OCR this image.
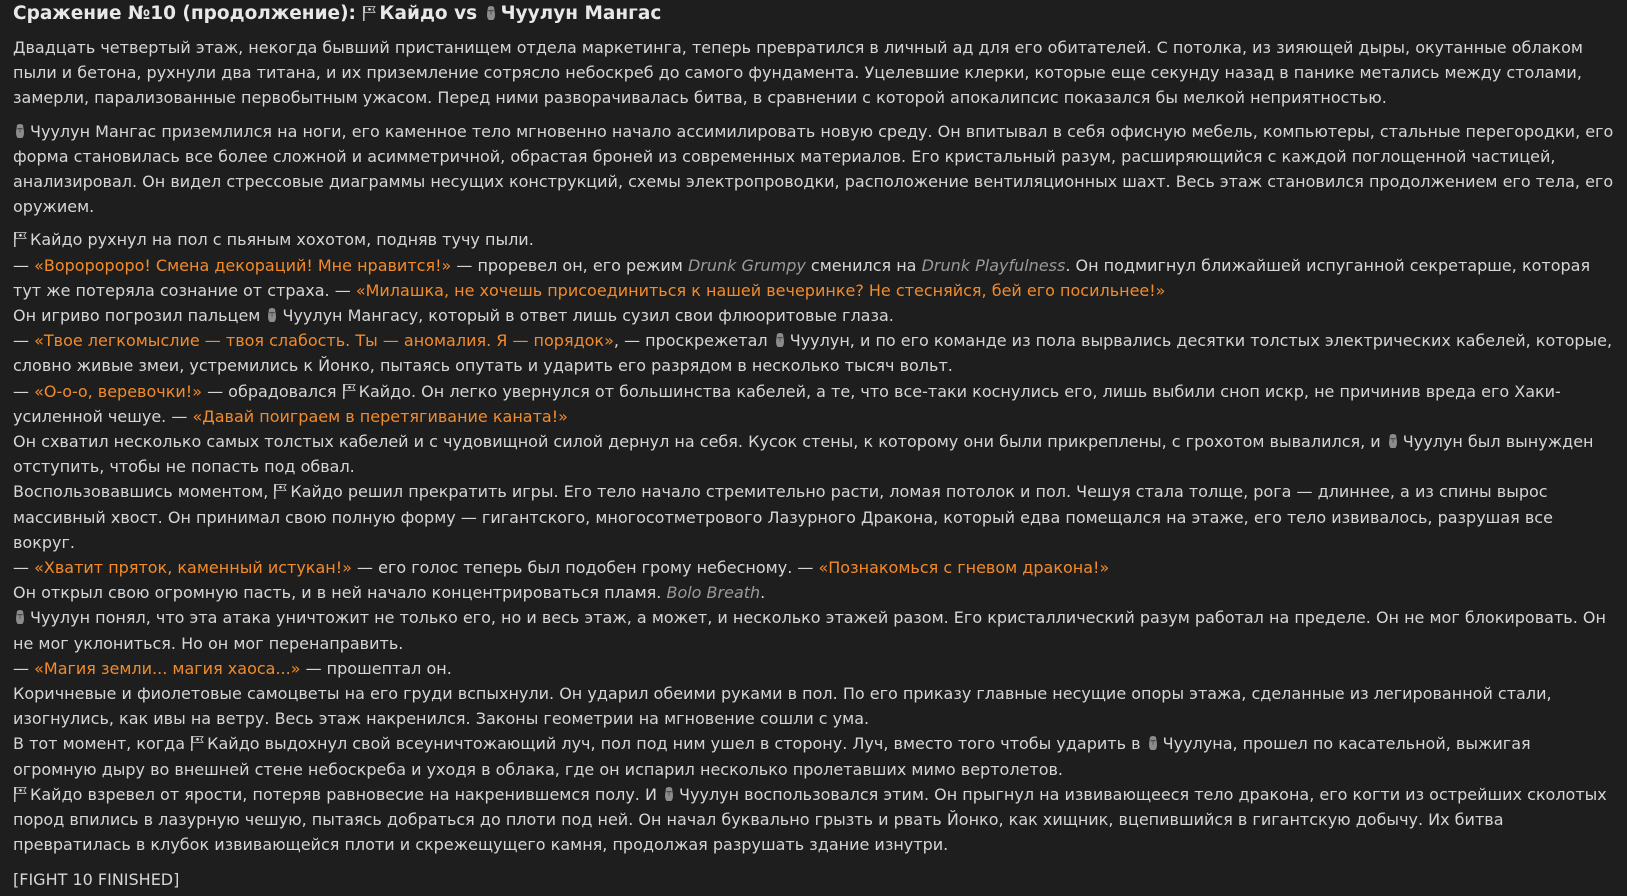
Сражение №10 (продолжение): Кайдо vs Чуулун Мангас

Двадцать четвертый этаж, некогда бывший пристанищем отдела маркетинга, теперь превратился в личный ад для его обитателей. С потолка, из зияющей дыры, окутанные облаком пыли и бетона, рухнули два титана, и их приземление сотрясло небоскреб до самого фундамента. Уцелевшие клерки, которые еще секунду назад в панике метались между столами, замерли, парализованные первобытным ужасом. Перед ними разворачивалась битва, в сравнении с которой апокалипсис показался бы мелкой неприятностью.

Чуулун Мангас приземлился на ноги, его каменное тело мгновенно начало ассимилировать новую среду. Он впитывал в себя офисную мебель, компьютеры, стальные перегородки, его форма становилась все более сложной и асимметричной, обрастая броней из современных материалов. Его кристальный разум, расширяющийся с каждой поглощенной частицей, анализировал. Он видел стрессовые диаграммы несущих конструкций, схемы электропроводки, расположение вентиляционных шахт. Весь этаж становился продолжением его тела, его оружием.

Кайдо рухнул на пол с пьяным хохотом, подняв тучу пыли.
— «Вороророро! Смена декораций! Мне нравится!» — проревел он, его режим Drunk Grumpy сменился на Drunk Playfulness. Он подмигнул ближайшей испуганной секретарше, которая тут же потеряла сознание от страха. — «Милашка, не хочешь присоединиться к нашей вечеринке? Не стесняйся, бей его посильнее!»
Он игриво погрозил пальцем
Чуулун Мангасу, который в ответ лишь сузил свои флюоритовые глаза.
— «Твое легкомыслие — твоя слабость. Ты — аномалия. Я — порядок», — проскрежетал
Чуулун, и по его команде из пола вырвались десятки толстых электрических кабелей, которые, словно живые змеи, устремились к Йонко, пытаясь опутать и ударить его разрядом в несколько тысяч вольт.
— «О-о-о, веревочки!» — обрадовался
Кайдо. Он легко увернулся от большинства кабелей, а те, что все-таки коснулись его, лишь выбили сноп искр, не причинив вреда его Хаки-усиленной чешуе. — «Давай поиграем в перетягивание каната!»
Он схватил несколько самых толстых кабелей и с чудовищной силой дернул на себя. Кусок стены, к которому они были прикреплены, с грохотом вывалился, и
Чуулун был вынужден отступить, чтобы не попасть под обвал.
Воспользовавшись моментом,
Кайдо решил прекратить игры. Его тело начало стремительно расти, ломая потолок и пол. Чешуя стала толще, рога — длиннее, а из спины вырос массивный хвост. Он принимал свою полную форму — гигантского, многосотметрового Лазурного Дракона, который едва помещался на этаже, его тело извивалось, разрушая все вокруг.
— «Хватит пряток, каменный истукан!» — его голос теперь был подобен грому небесному. — «Познакомься с гневом дракона!»
Он открыл свою огромную пасть, и в ней начало концентрироваться пламя. Bolo Breath.
Чуулун понял, что эта атака уничтожит не только его, но и весь этаж, а может, и несколько этажей разом. Его кристаллический разум работал на пределе. Он не мог блокировать. Он не мог уклониться. Но он мог перенаправить.
— «Магия земли... магия хаоса...» — прошептал он.
Коричневые и фиолетовые самоцветы на его груди вспыхнули. Он ударил обеими руками в пол. По его приказу главные несущие опоры этажа, сделанные из легированной стали, изогнулись, как ивы на ветру. Весь этаж накренился. Законы геометрии на мгновение сошли с ума.
В тот момент, когда
Кайдо выдохнул свой всеуничтожающий луч, пол под ним ушел в сторону. Луч, вместо того чтобы ударить в
Чуулуна, прошел по касательной, выжигая огромную дыру во внешней стене небоскреба и уходя в облака, где он испарил несколько пролетавших мимо вертолетов.
Кайдо взревел от ярости, потеряв равновесие на накренившемся полу. И
Чуулун воспользовался этим. Он прыгнул на извивающееся тело дракона, его когти из острейших сколотых пород впились в лазурную чешую, пытаясь добраться до плоти под ней. Он начал буквально грызть и рвать Йонко, как хищник, вцепившийся в гигантскую добычу. Их битва превратилась в клубок извивающейся плоти и скрежещущего камня, продолжая разрушать здание изнутри.
[FIGHT 10 FINISHED]
